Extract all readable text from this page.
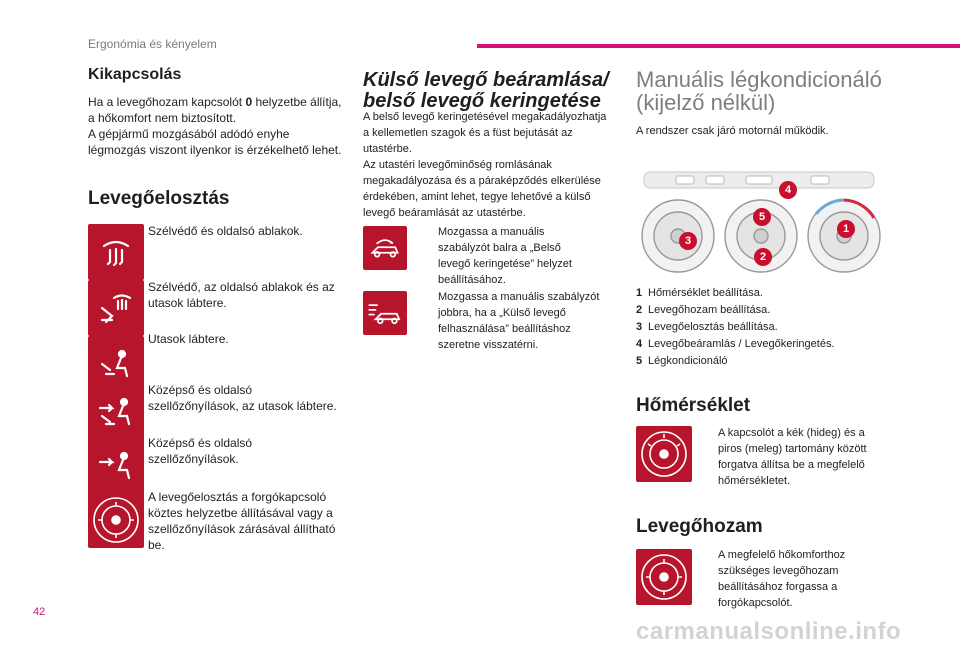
Ergonómia és kényelem
Kikapcsolás
Ha a levegőhozam kapcsolót 0 helyzetbe állítja,
a hőkomfort nem biztosított.
A gépjármű mozgásából adódó enyhe
légmozgás viszont ilyenkor is érzékelhető lehet.
Levegőelosztás
Szélvédő és oldalsó ablakok.
Szélvédő, az oldalsó ablakok és az
utasok lábtere.
Utasok lábtere.
Középső és oldalsó
szellőzőnyílások, az utasok lábtere.
Középső és oldalsó
szellőzőnyílások.
A levegőelosztás a forgókapcsoló
köztes helyzetbe állításával vagy a
szellőzőnyílások zárásával állítható
be.
Külső levegő beáramlása/
belső levegő keringetése
A belső levegő keringetésével megakadályozhatja
a kellemetlen szagok és a füst bejutását az
utastérbe.
Az utastéri levegőminőség romlásának
megakadályozása és a páraképződés elkerülése
érdekében, amint lehet, tegye lehetővé a külső
levegő beáramlását az utastérbe.
Mozgassa a manuális
szabályzót balra a „Belső
levegő keringetése” helyzet
beállításához.
Mozgassa a manuális szabályzót
jobbra, ha a „Külső levegő
felhasználása” beállításhoz
szeretne visszatérni.
Manuális légkondicionáló
(kijelző nélkül)
A rendszer csak járó motornál működik.
1
2
3
4
5
1 Hőmérséklet beállítása.
2 Levegőhozam beállítása.
3 Levegőelosztás beállítása.
4 Levegőbeáramlás / Levegőkeringetés.
5 Légkondicionáló
Hőmérséklet
A kapcsolót a kék (hideg) és a
piros (meleg) tartomány között
forgatva állítsa be a megfelelő
hőmérsékletet.
Levegőhozam
A megfelelő hőkomforthoz
szükséges levegőhozam
beállításához forgassa a
forgókapcsolót.
42
carmanualsonline.info
